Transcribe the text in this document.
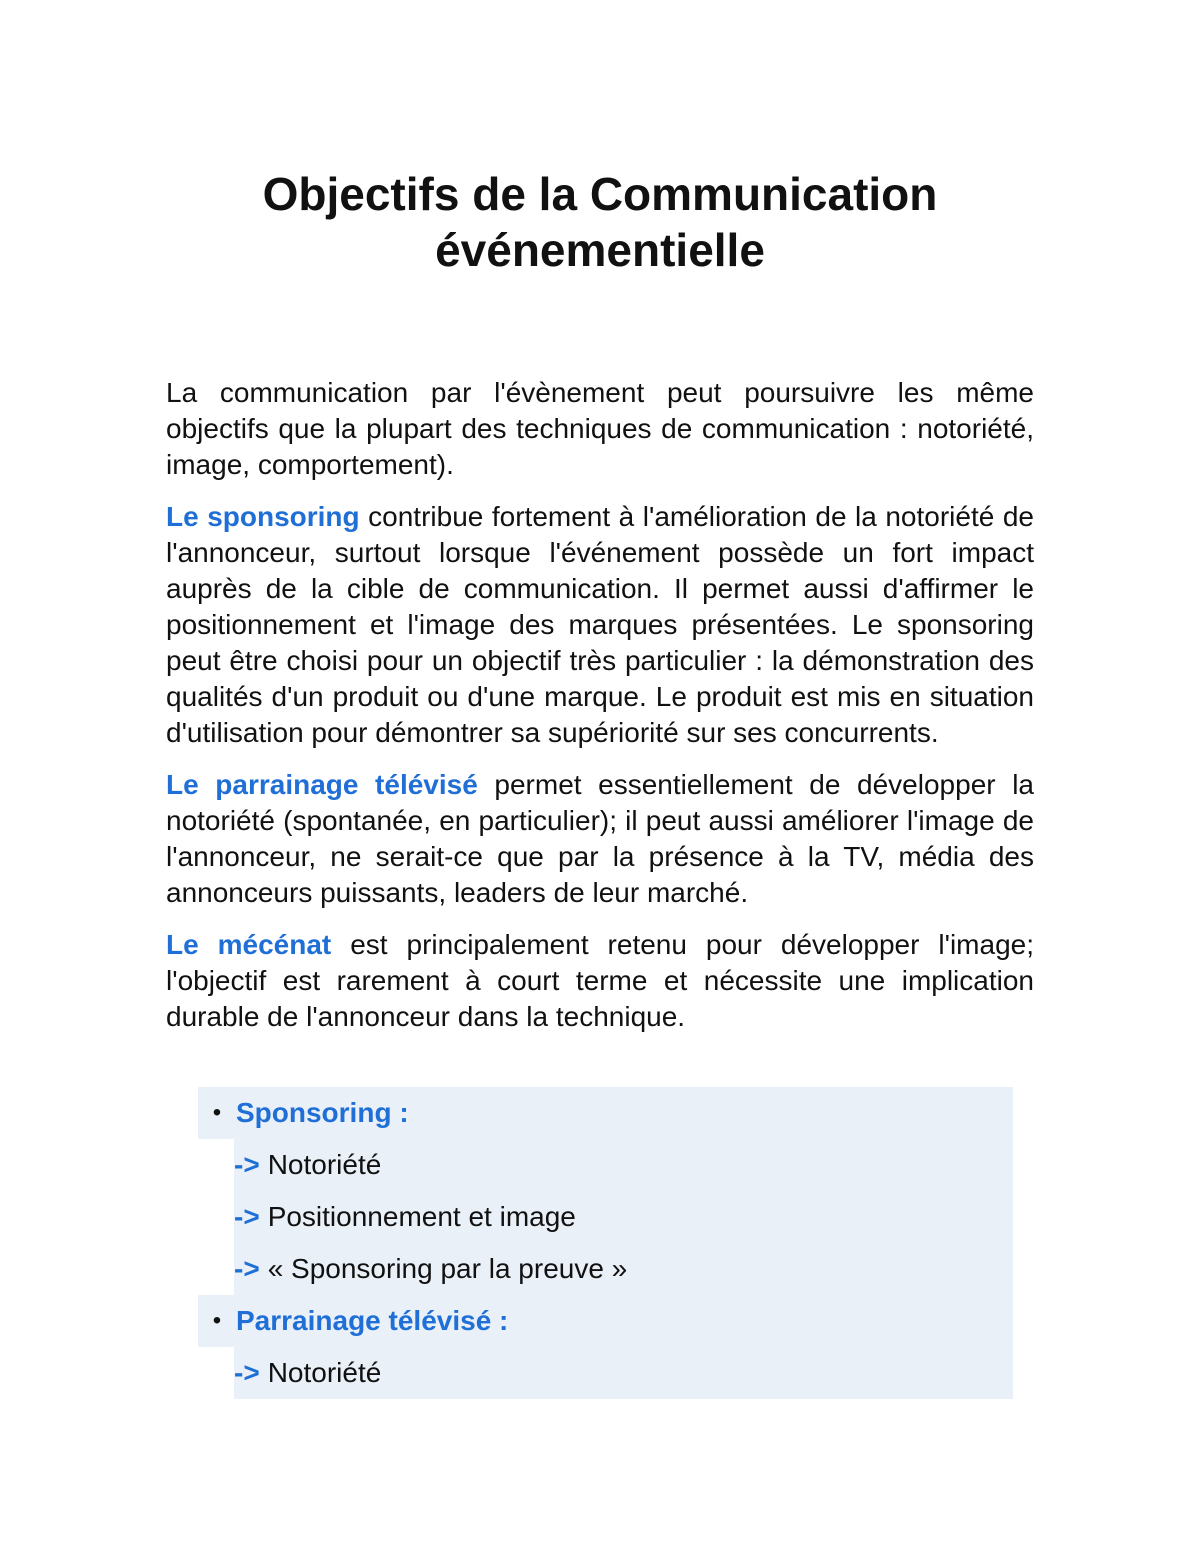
Objectifs de la Communication
événementielle

La communication par l'évènement peut poursuivre les même objectifs que la plupart des techniques de communication : notoriété, image, comportement).

Le sponsoring contribue fortement à l'amélioration de la notoriété de l'annonceur, surtout lorsque l'événement possède un fort impact auprès de la cible de communication. Il permet aussi d'affirmer le positionnement et l'image des marques présentées. Le sponsoring peut être choisi pour un objectif très particulier : la démonstration des qualités d'un produit ou d'une marque. Le produit est mis en situation d'utilisation pour démontrer sa supériorité sur ses concurrents.

Le parrainage télévisé permet essentiellement de développer la notoriété (spontanée, en particulier); il peut aussi améliorer l'image de l'annonceur, ne serait-ce que par la présence à la TV, média des annonceurs puissants, leaders de leur marché.

Le mécénat est principalement retenu pour développer l'image; l'objectif est rarement à court terme et nécessite une implication durable de l'annonceur dans la technique.

• Sponsoring :
-> Notoriété
-> Positionnement et image
-> « Sponsoring par la preuve »
• Parrainage télévisé :
-> Notoriété
